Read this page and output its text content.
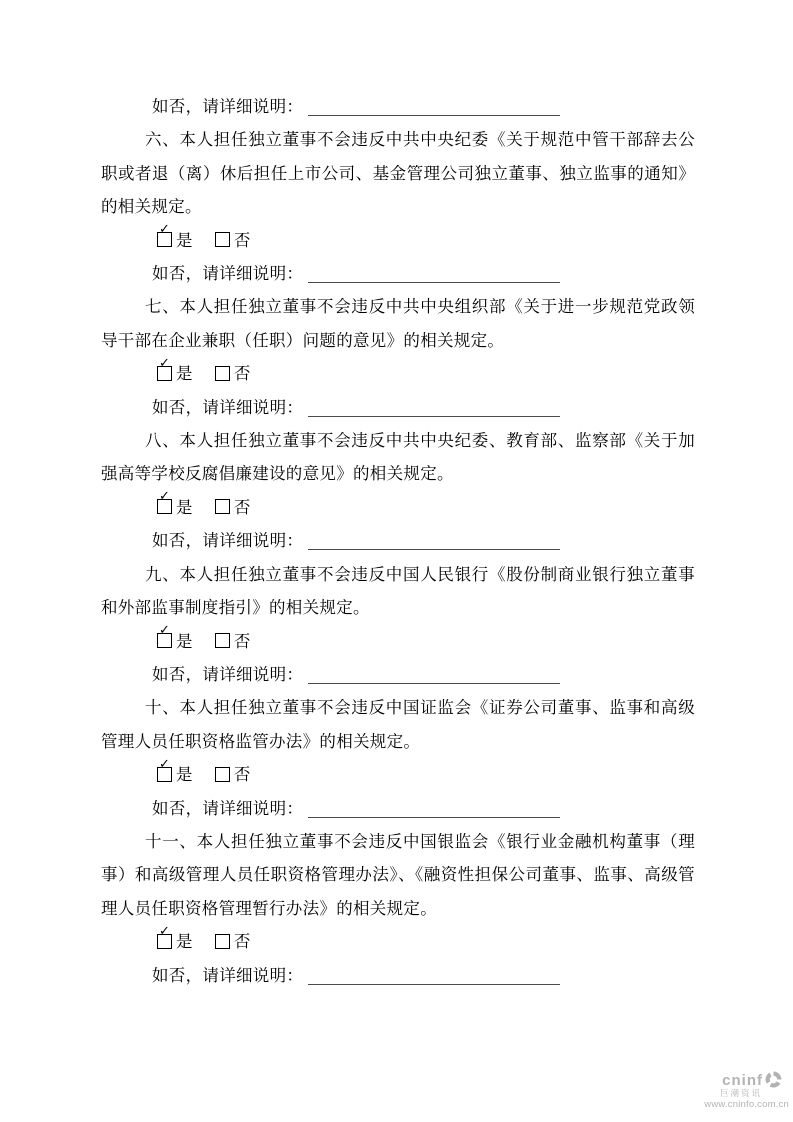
如否，请详细说明：

六、本人担任独立董事不会违反中共中央纪委《关于规范中管干部辞去公职或者退（离）休后担任上市公司、基金管理公司独立董事、独立监事的通知》的相关规定。

✓
是 否
如否，请详细说明：

七、本人担任独立董事不会违反中共中央组织部《关于进一步规范党政领导干部在企业兼职（任职）问题的意见》的相关规定。

✓
是 否
如否，请详细说明：

八、本人担任独立董事不会违反中共中央纪委、教育部、监察部《关于加强高等学校反腐倡廉建设的意见》的相关规定。

✓
是 否
如否，请详细说明：

九、本人担任独立董事不会违反中国人民银行《股份制商业银行独立董事和外部监事制度指引》的相关规定。

✓
是 否
如否，请详细说明：

十、本人担任独立董事不会违反中国证监会《证券公司董事、监事和高级管理人员任职资格监管办法》的相关规定。

✓
是 否
如否，请详细说明：

十一、本人担任独立董事不会违反中国银监会《银行业金融机构董事（理事）和高级管理人员任职资格管理办法》、《融资性担保公司董事、监事、高级管理人员任职资格管理暂行办法》的相关规定。

✓
是 否
如否，请详细说明：
cninf
巨潮资讯
www.cninfo.com.cn
